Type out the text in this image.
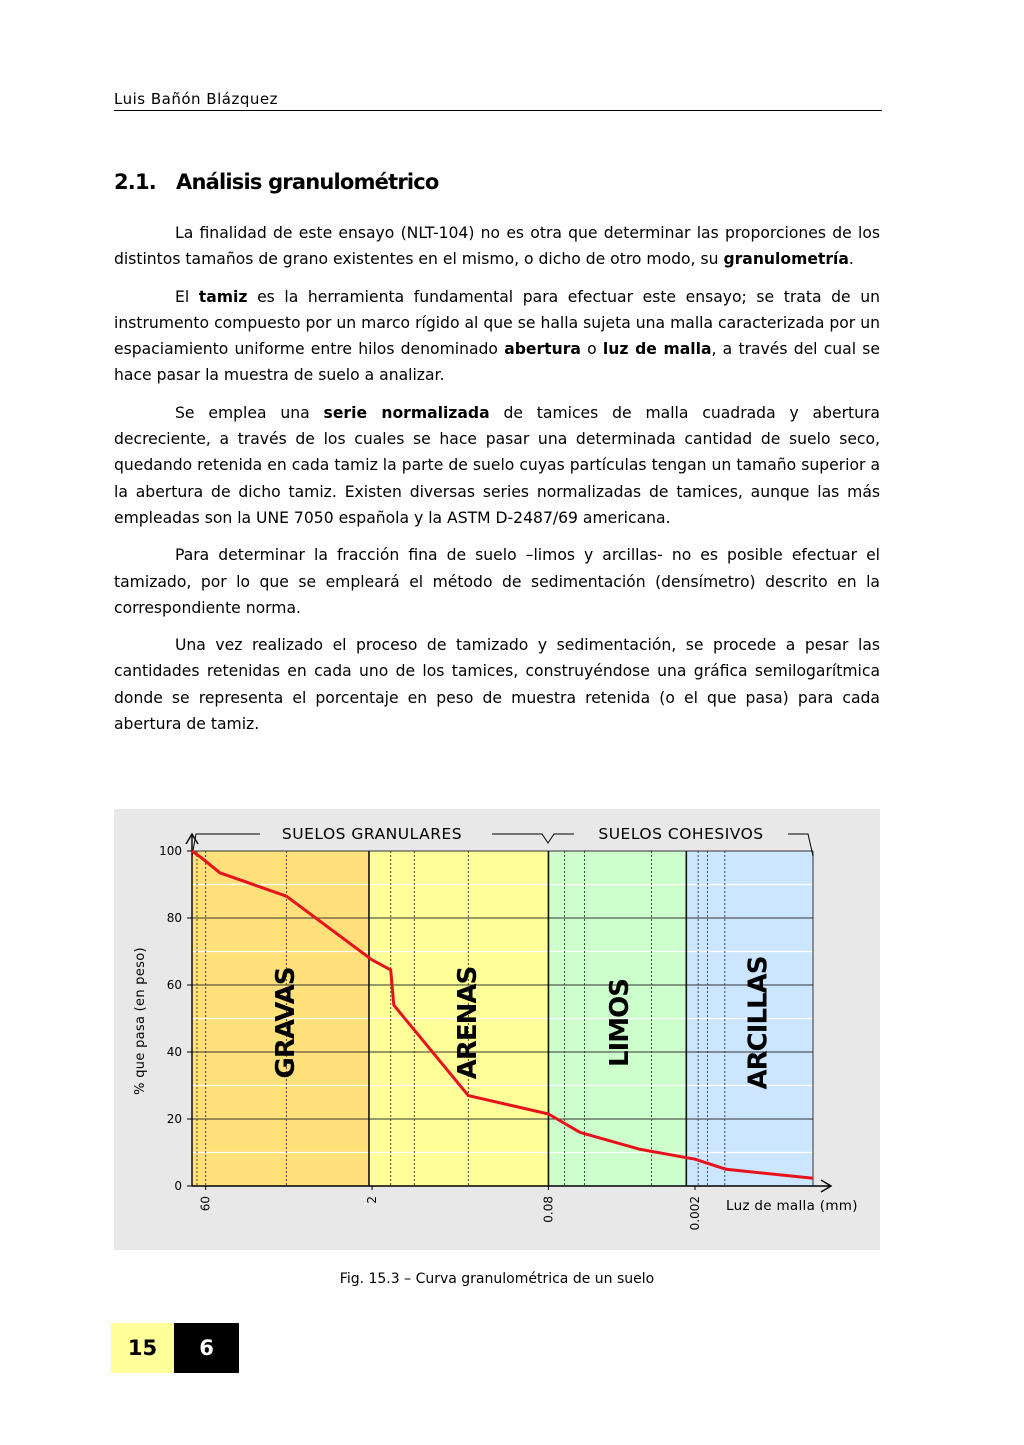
Luis Bañón Blázquez
2.1. Análisis granulométrico

La finalidad de este ensayo (NLT-104) no es otra que determinar las proporciones de los distintos tamaños de grano existentes en el mismo, o dicho de otro modo, su granulometría.

El tamiz es la herramienta fundamental para efectuar este ensayo; se trata de un instrumento compuesto por un marco rígido al que se halla sujeta una malla caracterizada por un espaciamiento uniforme entre hilos denominado abertura o luz de malla, a través del cual se hace pasar la muestra de suelo a analizar.

Se emplea una serie normalizada de tamices de malla cuadrada y abertura decreciente, a través de los cuales se hace pasar una determinada cantidad de suelo seco, quedando retenida en cada tamiz la parte de suelo cuyas partículas tengan un tamaño superior a la abertura de dicho tamiz. Existen diversas series normalizadas de tamices, aunque las más empleadas son la UNE 7050 española y la ASTM D-2487/69 americana.

Para determinar la fracción fina de suelo –limos y arcillas- no es posible efectuar el tamizado, por lo que se empleará el método de sedimentación (densímetro) descrito en la correspondiente norma.

Una vez realizado el proceso de tamizado y sedimentación, se procede a pesar las cantidades retenidas en cada uno de los tamices, construyéndose una gráfica semilogarítmica donde se representa el porcentaje en peso de muestra retenida (o el que pasa) para cada abertura de tamiz.

GRAVAS	ARENAS	LIMOS	ARCILLAS
SUELOS GRANULARES	SUELOS COHESIVOS
0
20
40
60
80
100
% que pasa (en peso)
60	2	0.08	0.002 Luz de malla (mm)
Fig. 15.3 – Curva granulométrica de un suelo
15	6
